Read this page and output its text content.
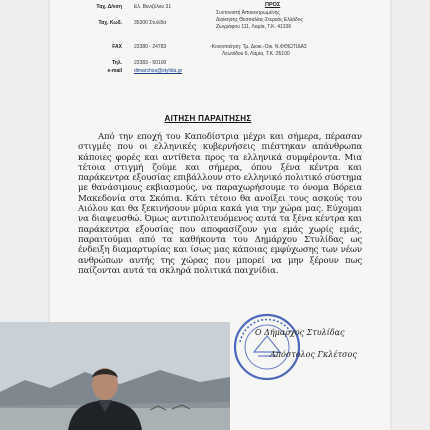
Ταχ. Δ/νση Ελ. Βενιζέλου 31
Ταχ. Κωδ. 35300 Στυλίδα
FAX 22380 - 24783
Τηλ. 22383 - 50100
e-mail dimarchos@stylida.gr
ΠΡΟΣ
Συντονιστή Αποκεντρωμένης
Διοίκησης Θεσσαλίας-Στερεάς Ελλάδος
Ζωγράφου 111, Λαμία, Τ.Κ. 41336
-Κοινοποίηση: Τμ. Διοικ.-Οικ. Ν.ΦΘΙΩΤΙΔΑΣ
Λεωνίδου 6, Λαμία, Τ.Κ.:35100
ΑΙΤΗΣΗ ΠΑΡΑΙΤΗΣΗΣ

Από την εποχή του Καποδίστρια μέχρι και σήμερα, πέρασαν στιγμές που οι ελληνικές κυβερνήσεις πιέστηκαν απάνθρωπα κάποιες φορές και αντίθετα προς τα ελληνικά συμφέροντα. Μια τέτοια στιγμή ζούμε και σήμερα, όπου ξένα κέντρα και παράκεντρα εξουσίας επιβάλλουν στο ελληνικό πολιτικό σύστημα με θανάσιμους εκβιασμούς, να παραχωρήσουμε το όνομα Βόρεια Μακεδονία στα Σκόπια. Κάτι τέτοιο θα ανοίξει τους ασκούς του Αιόλου και θα ξεκινήσουν μύρια κακά για την χώρα μας. Εύχομαι να διαψευσθώ. Όμως αντιπολιτευόμενος αυτά τα ξένα κέντρα και παράκεντρα εξουσίας που αποφασίζουν για εμάς χωρίς εμάς, παραιτούμαι από τα καθήκοντα του Δημάρχου Στυλίδας ως ένδειξη διαμαρτυρίας και ίσως μας κάποιας εμφύχωσης των νέων ανθρώπων αυτής της χώρας που μπορεί να μην ξέρουν πως παίζονται αυτά τα σκληρά πολιτικά παιχνίδια.

Ο Δήμαρχος Στυλίδας
Απόστολος Γκλέτσος
